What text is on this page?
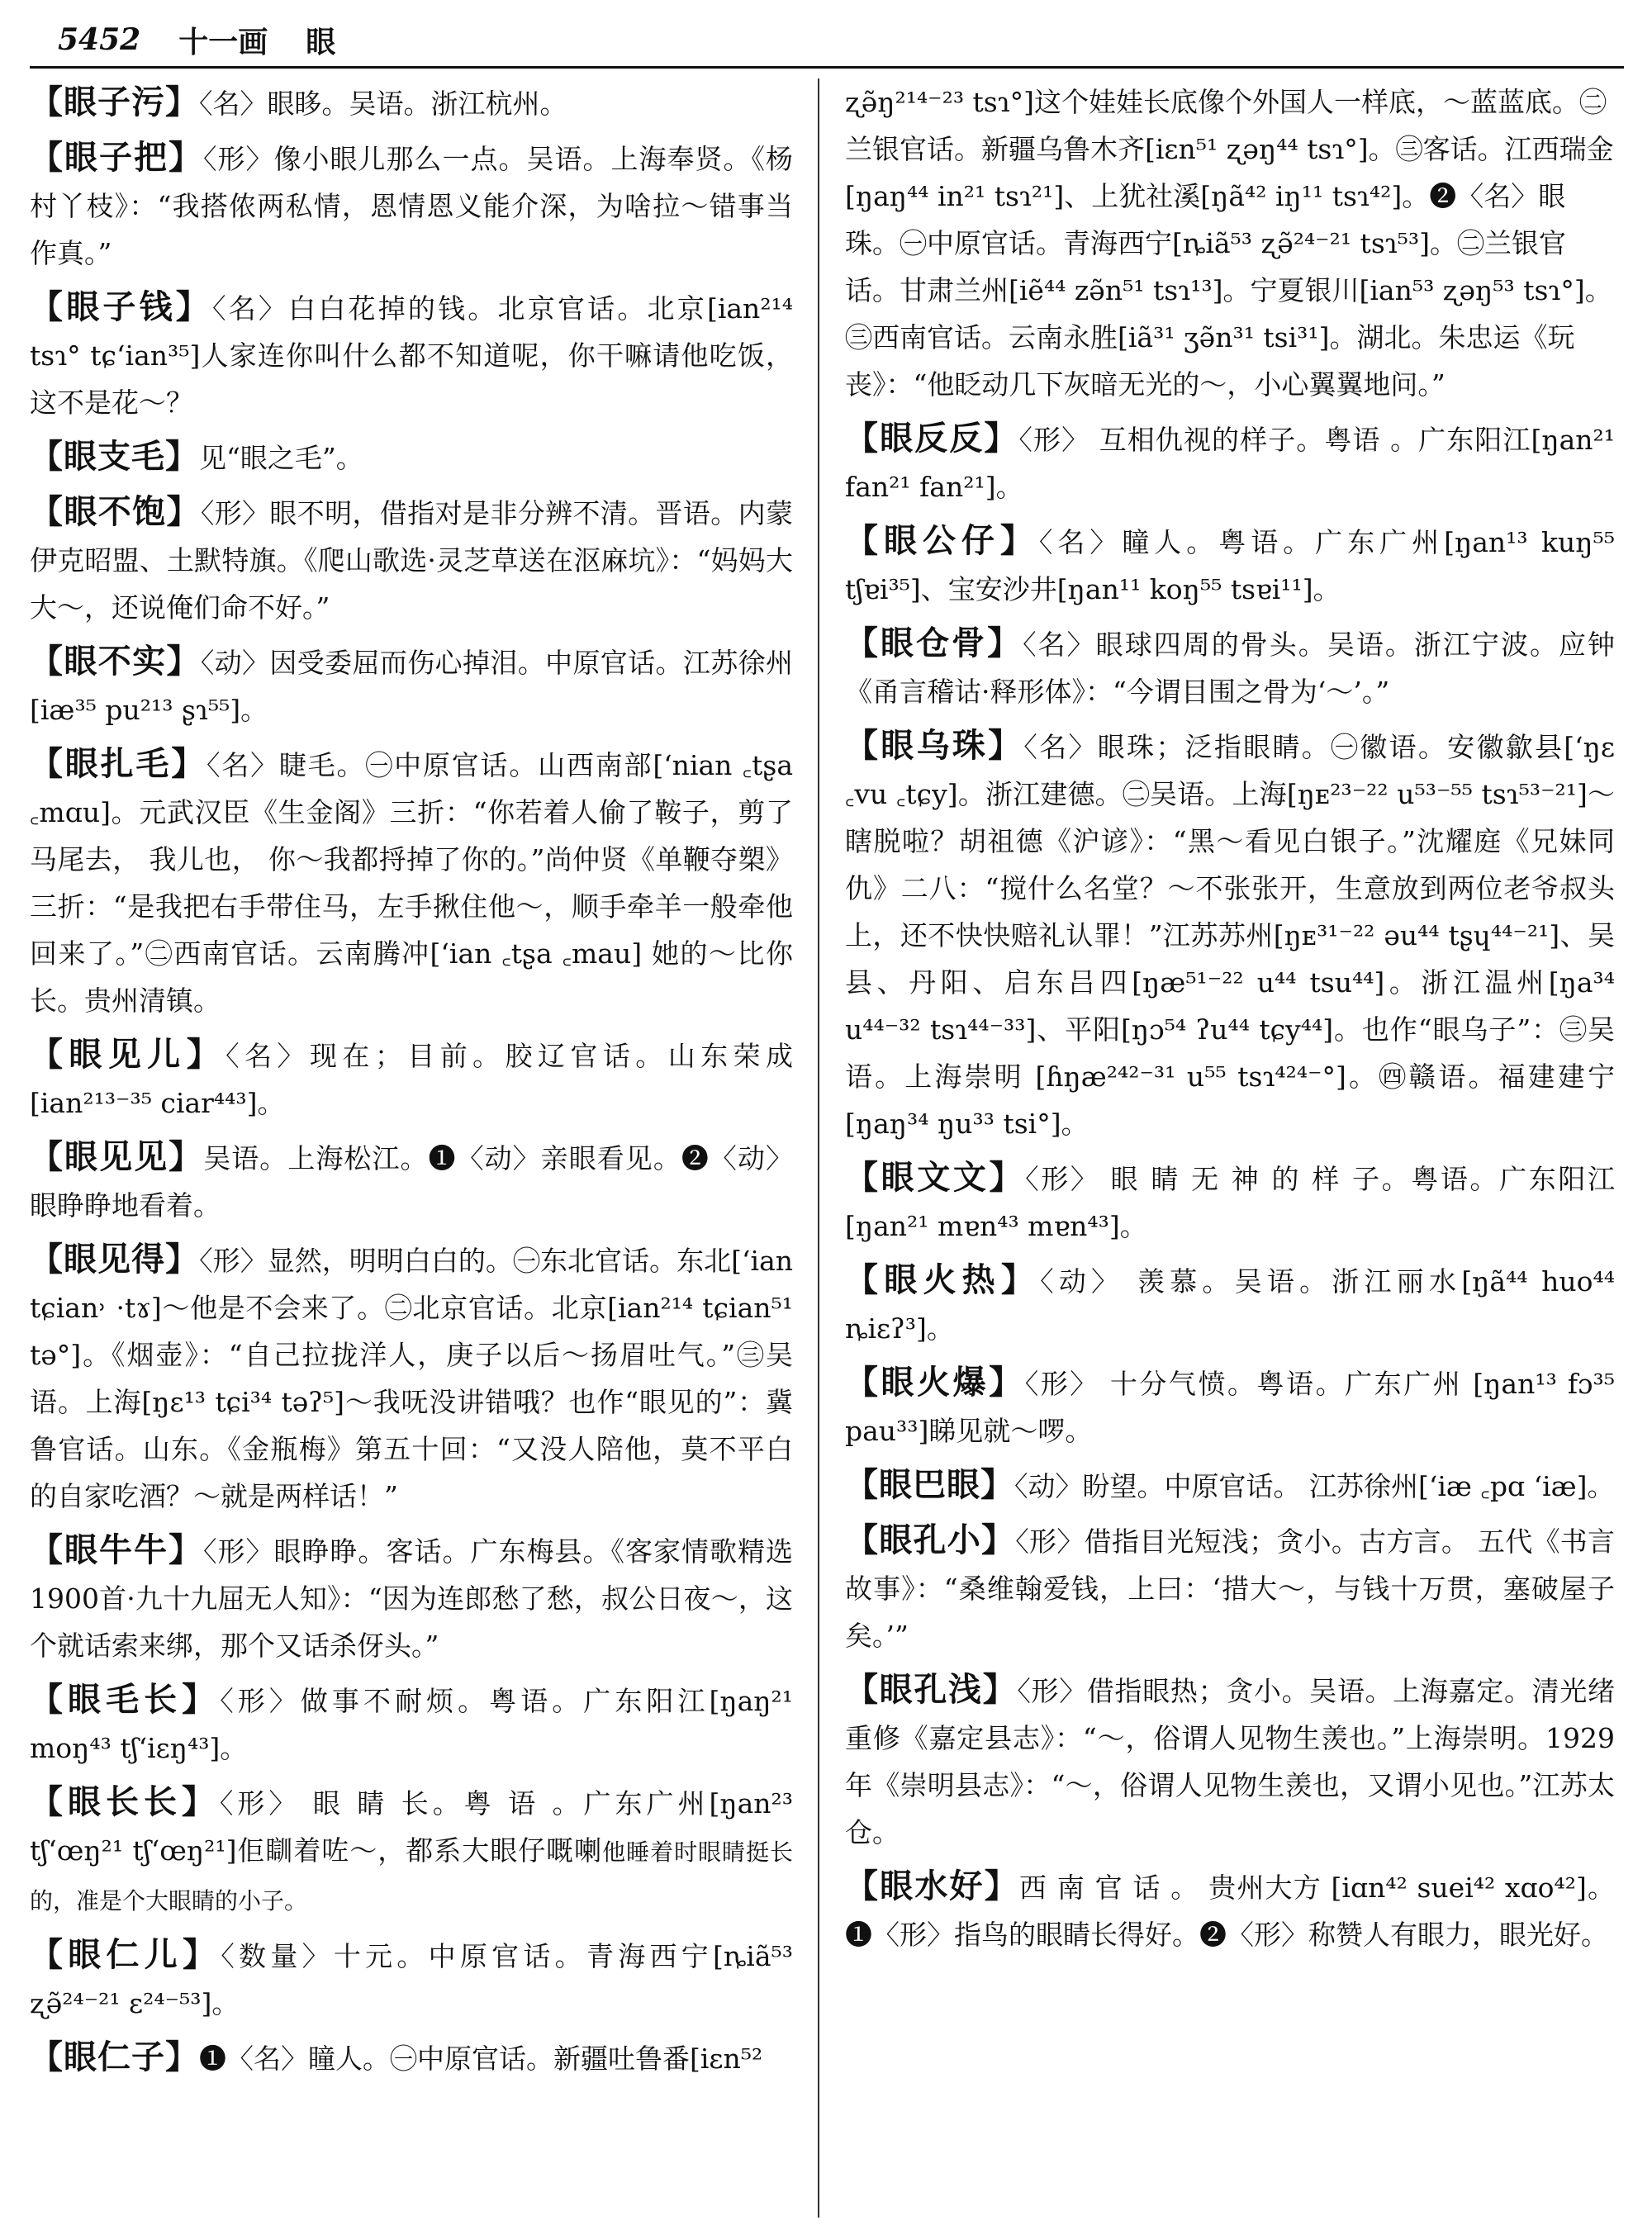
5452 十一画 眼

【眼子污】〈名〉眼眵。吴语。浙江杭州。

【眼子把】〈形〉像小眼儿那么一点。吴语。上海奉贤。《杨村丫枝》：“我搭侬两私情，恩情恩义能介深，为啥拉～错事当作真。”

【眼子钱】〈名〉白白花掉的钱。北京官话。北京[ian²¹⁴ tsɿ° tɕʻian³⁵]人家连你叫什么都不知道呢，你干嘛请他吃饭，这不是花～？

【眼支毛】见“眼之毛”。

【眼不饱】〈形〉眼不明，借指对是非分辨不清。晋语。内蒙伊克昭盟、土默特旗。《爬山歌选·灵芝草送在沤麻坑》：“妈妈大大～，还说俺们命不好。”

【眼不实】〈动〉因受委屈而伤心掉泪。中原官话。江苏徐州[iæ³⁵ pu²¹³ ʂɿ⁵⁵]。

【眼扎毛】〈名〉睫毛。㊀中原官话。山西南部[ʻnian ꜀tʂa ꜀mɑu]。元武汉臣《生金阁》三折：“你若着人偷了鞍子，剪了马尾去， 我儿也， 你～我都捋掉了你的。”尚仲贤《单鞭夺槊》三折：“是我把右手带住马，左手揪住他～，顺手牵羊一般牵他回来了。”㊁西南官话。云南腾冲[ʻian ꜀tʂa ꜀mau] 她的～比你长。贵州清镇。

【眼见儿】〈名〉现在；目前。胶辽官话。山东荣成[ian²¹³⁻³⁵ ciar⁴⁴³]。

【眼见见】吴语。上海松江。❶〈动〉亲眼看见。❷〈动〉眼睁睁地看着。

【眼见得】〈形〉显然，明明白白的。㊀东北官话。东北[ʻian tɕian˒ ·tɤ]～他是不会来了。㊁北京官话。北京[ian²¹⁴ tɕian⁵¹ tə°]。《烟壶》：“自己拉拢洋人，庚子以后～扬眉吐气。”㊂吴语。上海[ŋɛ¹³ tɕi³⁴ təʔ⁵]～我呒没讲错哦？也作“眼见的”：冀鲁官话。山东。《金瓶梅》第五十回：“又没人陪他，莫不平白的自家吃酒？～就是两样话！”

【眼牛牛】〈形〉眼睁睁。客话。广东梅县。《客家情歌精选1900首·九十九屈无人知》：“因为连郎愁了愁，叔公日夜～，这个就话索来绑，那个又话杀伢头。”

【眼毛长】〈形〉做事不耐烦。粤语。广东阳江[ŋaŋ²¹ moŋ⁴³ tʃʻiɛŋ⁴³]。

【眼长长】〈形〉 眼 睛 长。粤 语 。广东广州[ŋan²³ tʃʻœŋ²¹ tʃʻœŋ²¹]佢瞓着咗～，都系大眼仔嘅喇他睡着时眼睛挺长的，准是个大眼睛的小子。

【眼仁儿】〈数量〉十元。中原官话。青海西宁[ȵiã⁵³ ʐə̃²⁴⁻²¹ ɛ²⁴⁻⁵³]。

【眼仁子】❶〈名〉瞳人。㊀中原官话。新疆吐鲁番[iɛn⁵²

ʐə̃ŋ²¹⁴⁻²³ tsɿ°]这个娃娃长底像个外国人一样底，～蓝蓝底。㊁兰银官话。新疆乌鲁木齐[iɛn⁵¹ ʐəŋ⁴⁴ tsɿ°]。㊂客话。江西瑞金[ŋaŋ⁴⁴ in²¹ tsɿ²¹]、上犹社溪[ŋã⁴² iŋ¹¹ tsɿ⁴²]。❷〈名〉眼珠。㊀中原官话。青海西宁[ȵiã⁵³ ʐə̃²⁴⁻²¹ tsɿ⁵³]。㊁兰银官话。甘肃兰州[iẽ⁴⁴ zə̃n⁵¹ tsɿ¹³]。宁夏银川[ian⁵³ ʐəŋ⁵³ tsɿ°]。㊂西南官话。云南永胜[iã³¹ ʒə̃n³¹ tsi³¹]。湖北。朱忠运《玩丧》：“他眨动几下灰暗无光的～，小心翼翼地问。”

【眼反反】〈形〉 互相仇视的样子。粤语 。广东阳江[ŋan²¹ fan²¹ fan²¹]。

【眼公仔】〈名〉瞳人。粤语。广东广州[ŋan¹³ kuŋ⁵⁵ tʃɐi³⁵]、宝安沙井[ŋan¹¹ koŋ⁵⁵ tsɐi¹¹]。

【眼仓骨】〈名〉眼球四周的骨头。吴语。浙江宁波。应钟《甬言稽诂·释形体》：“今谓目围之骨为‘～’。”

【眼乌珠】〈名〉眼珠；泛指眼睛。㊀徽语。安徽歙县[ʻŋɛ ꜀vu ꜀tɕy]。浙江建德。㊁吴语。上海[ŋᴇ²³⁻²² u⁵³⁻⁵⁵ tsɿ⁵³⁻²¹]～瞎脱啦？胡祖德《沪谚》：“黑～看见白银子。”沈耀庭《兄妹同仇》二八：“搅什么名堂？～不张张开，生意放到两位老爷叔头上，还不快快赔礼认罪！”江苏苏州[ŋᴇ³¹⁻²² əu⁴⁴ tʂɥ⁴⁴⁻²¹]、吴县、丹阳、启东吕四[ŋæ⁵¹⁻²² u⁴⁴ tsu⁴⁴]。浙江温州[ŋa³⁴ u⁴⁴⁻³² tsɿ⁴⁴⁻³³]、平阳[ŋɔ⁵⁴ ʔu⁴⁴ tɕy⁴⁴]。也作“眼乌子”：㊂吴语。上海崇明 [ɦŋæ²⁴²⁻³¹ u⁵⁵ tsɿ⁴²⁴⁻°]。㊃赣语。福建建宁[ŋaŋ³⁴ ŋu³³ tsi°]。

【眼文文】〈形〉 眼 睛 无 神 的 样 子。粤语。广东阳江[ŋan²¹ mɐn⁴³ mɐn⁴³]。

【眼火热】〈动〉 羡慕。吴语。浙江丽水[ŋã⁴⁴ huo⁴⁴ ȵiɛʔ³]。

【眼火爆】〈形〉 十分气愤。粤语。广东广州 [ŋan¹³ fɔ³⁵ pau³³]睇见就～啰。

【眼巴眼】〈动〉盼望。中原官话。 江苏徐州[ʻiæ ꜀pɑ ʻiæ]。

【眼孔小】〈形〉借指目光短浅；贪小。古方言。 五代《书言故事》：“桑维翰爱钱，上曰：‘措大～，与钱十万贯，塞破屋子矣。’”

【眼孔浅】〈形〉借指眼热；贪小。吴语。上海嘉定。清光绪重修《嘉定县志》：“～，俗谓人见物生羡也。”上海崇明。1929年《崇明县志》：“～，俗谓人见物生羡也，又谓小见也。”江苏太仓。

【眼水好】西 南 官 话 。 贵州大方 [iɑn⁴² suei⁴² xɑo⁴²]。❶〈形〉指鸟的眼睛长得好。❷〈形〉称赞人有眼力，眼光好。
